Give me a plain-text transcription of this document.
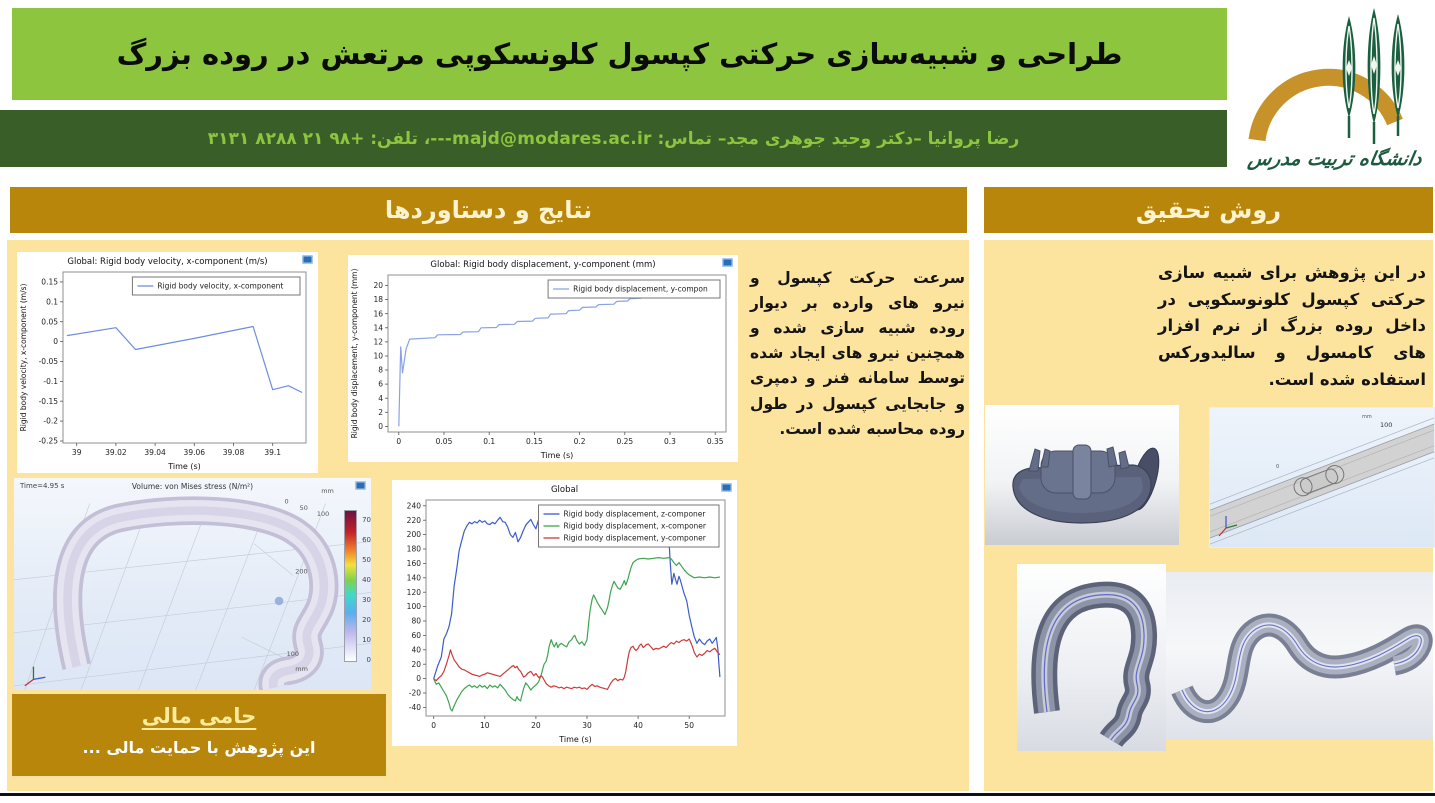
طراحی و شبیه‌سازی حرکتی کپسول کلونسکوپی مرتعش در روده بزرگ
رضا پروانیا –دکتر وحید جوهری مجد– تماس: majd@modares.ac.ir---، تلفن: +۹۸ ۲۱ ۸۲۸۸ ۳۱۳۱
دانشگاه تربیت مدرس
نتایج و دستاوردها	روش تحقیق
Global: Rigid body velocity, x-component (m/s)
39	39.02 39.04 39.06 39.08	39.1
0.15
0.1
0.05
0
-0.05
-0.1
-0.15
-0.2
-0.25
Time (s)
Rigid body velocity, x-component (m/s)	Rigid body velocity, x-component
Global: Rigid body displacement, y-component (mm)
0	0.05	0.1	0.15	0.2	0.25	0.3	0.35
0
2
4
6
8
10
12
14
16
18
20
Time (s)
Rigid body displacement, y-component (mm)	Rigid body displacement, y-compon
سرعت حرکت کپسول و نیرو های وارده بر دیوار روده شبیه سازی شده و همچنین نیرو های ایجاد شده توسط سامانه فنر و دمپری و جابجایی کپسول در طول روده محاسبه شده است.
Time=4.95 s	Volume: von Mises stress (N/m²)	mm
0
50
100
200
100
mm
70
60
50
40
30
20
10
0
Global
0	10	20	30	40	50
-40
-20
0
20
40
60
80
100
120
140
160
180
200
220
240
Time (s)
Rigid body displacement, z-componer
Rigid body displacement, x-componer
Rigid body displacement, y-componer
حامی مالی
این پژوهش با حمایت مالی ...
در این پژوهش برای شبیه سازی حرکتی کپسول کلونوسکوپی در داخل روده بزرگ از نرم افزار های کامسول و سالیدورکس استفاده شده است.
mm
100
0
